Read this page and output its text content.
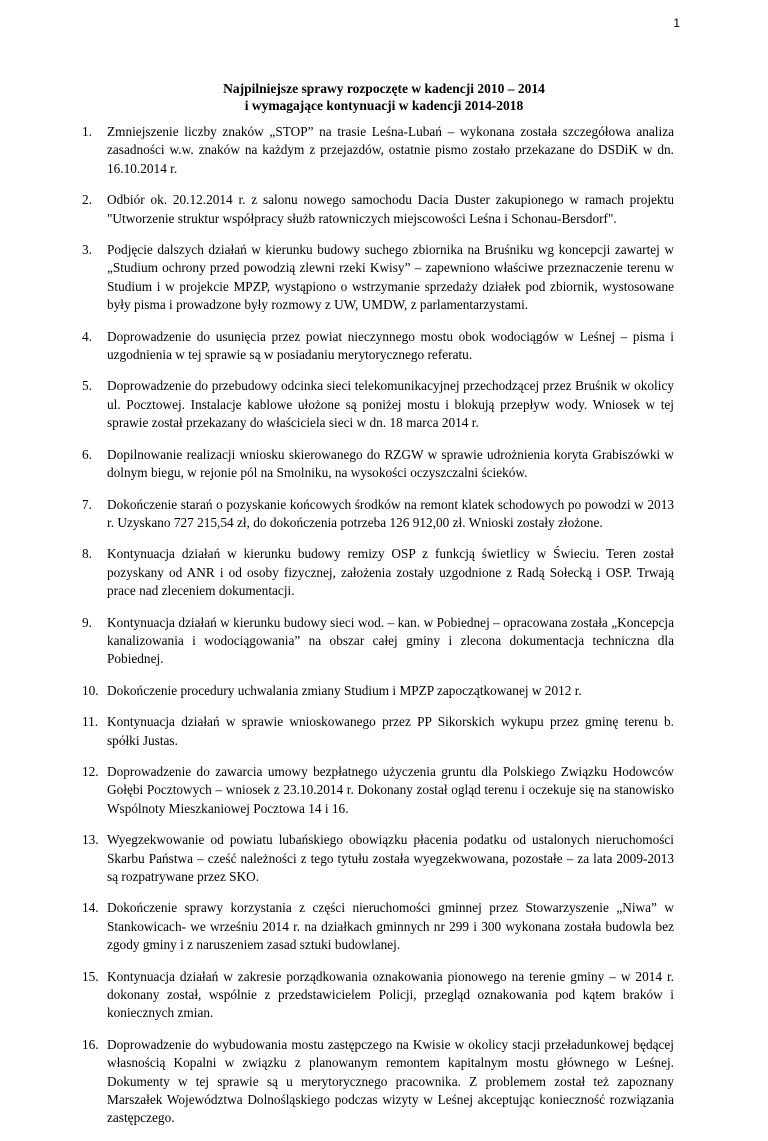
1
Najpilniejsze sprawy rozpoczęte w kadencji 2010 – 2014
i wymagające kontynuacji w kadencji 2014-2018
1.	Zmniejszenie liczby znaków „STOP” na trasie Leśna-Lubań – wykonana została szczegółowa analiza zasadności w.w. znaków na każdym z przejazdów, ostatnie pismo zostało przekazane do DSDiK w dn. 16.10.2014 r.
2.	Odbiór ok. 20.12.2014 r. z salonu nowego samochodu Dacia Duster zakupionego w ramach projektu "Utworzenie struktur współpracy służb ratowniczych miejscowości Leśna i Schonau-Bersdorf".
3.	Podjęcie dalszych działań w kierunku budowy suchego zbiornika na Bruśniku wg koncepcji zawartej w „Studium ochrony przed powodzią zlewni rzeki Kwisy” – zapewniono właściwe przeznaczenie terenu w Studium i w projekcie MPZP, wystąpiono o wstrzymanie sprzedaży działek pod zbiornik, wystosowane były pisma i prowadzone były rozmowy z UW, UMDW, z parlamentarzystami.
4.	Doprowadzenie do usunięcia przez powiat nieczynnego mostu obok wodociągów w Leśnej – pisma i uzgodnienia w tej sprawie są w posiadaniu merytorycznego referatu.
5.	Doprowadzenie do przebudowy odcinka sieci telekomunikacyjnej przechodzącej przez Bruśnik w okolicy ul. Pocztowej. Instalacje kablowe ułożone są poniżej mostu i blokują przepływ wody. Wniosek w tej sprawie został przekazany do właściciela sieci w dn. 18 marca 2014 r.
6.	Dopilnowanie realizacji wniosku skierowanego do RZGW w sprawie udrożnienia koryta Grabiszówki w dolnym biegu, w rejonie pól na Smolniku, na wysokości oczyszczalni ścieków.
7.	Dokończenie starań o pozyskanie końcowych środków na remont klatek schodowych po powodzi w 2013 r. Uzyskano 727 215,54 zł, do dokończenia potrzeba 126 912,00 zł. Wnioski zostały złożone.
8.	Kontynuacja działań w kierunku budowy remizy OSP z funkcją świetlicy w Świeciu. Teren został pozyskany od ANR i od osoby fizycznej, założenia zostały uzgodnione z Radą Sołecką i OSP. Trwają prace nad zleceniem dokumentacji.
9.	Kontynuacja działań w kierunku budowy sieci wod. – kan. w Pobiednej – opracowana została „Koncepcja kanalizowania i wodociągowania” na obszar całej gminy i zlecona dokumentacja techniczna dla Pobiednej.
10. Dokończenie procedury uchwalania zmiany Studium i MPZP zapoczątkowanej w 2012 r.
11. Kontynuacja działań w sprawie wnioskowanego przez PP Sikorskich wykupu przez gminę terenu b. spółki Justas.
12. Doprowadzenie do zawarcia umowy bezpłatnego użyczenia gruntu dla Polskiego Związku Hodowców Gołębi Pocztowych – wniosek z 23.10.2014 r. Dokonany został ogląd terenu i oczekuje się na stanowisko Wspólnoty Mieszkaniowej Pocztowa 14 i 16.
13. Wyegzekwowanie od powiatu lubańskiego obowiązku płacenia podatku od ustalonych nieruchomości Skarbu Państwa – cześć należności z tego tytułu została wyegzekwowana, pozostałe – za lata 2009-2013 są rozpatrywane przez SKO.
14. Dokończenie sprawy korzystania z części nieruchomości gminnej przez Stowarzyszenie „Niwa” w Stankowicach- we wrześniu 2014 r. na działkach gminnych nr 299 i 300 wykonana została budowla bez zgody gminy i z naruszeniem zasad sztuki budowlanej.
15. Kontynuacja działań w zakresie porządkowania oznakowania pionowego na terenie gminy – w 2014 r. dokonany został, wspólnie z przedstawicielem Policji, przegląd oznakowania pod kątem braków i koniecznych zmian.
16. Doprowadzenie do wybudowania mostu zastępczego na Kwisie w okolicy stacji przeładunkowej będącej własnością Kopalni w związku z planowanym remontem kapitalnym mostu głównego w Leśnej. Dokumenty w tej sprawie są u merytorycznego pracownika. Z problemem został też zapoznany Marszałek Województwa Dolnośląskiego podczas wizyty w Leśnej akceptując konieczność rozwiązania zastępczego.
